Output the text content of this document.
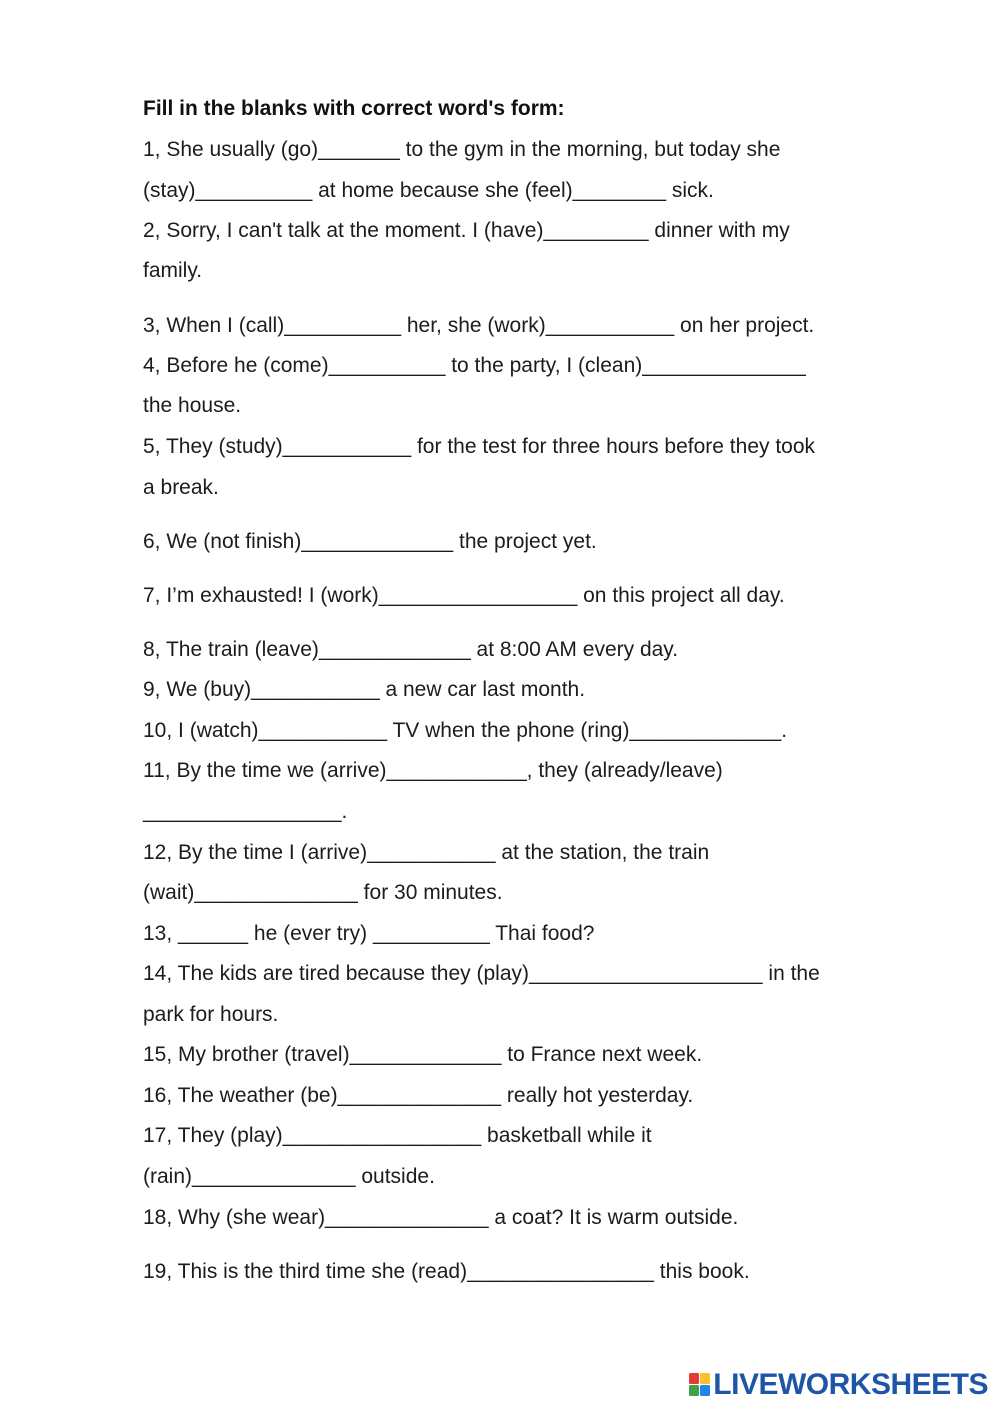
Fill in the blanks with correct word's form:
1, She usually (go)_______ to the gym in the morning, but today she
(stay)__________ at home because she (feel)________ sick.
2, Sorry, I can't talk at the moment. I (have)_________ dinner with my
family.
3, When I (call)__________ her, she (work)___________ on her project.
4, Before he (come)__________ to the party, I (clean)______________
the house.
5, They (study)___________ for the test for three hours before they took
a break.
6, We (not finish)_____________ the project yet.
7, I’m exhausted! I (work)_________________ on this project all day.
8, The train (leave)_____________ at 8:00 AM every day.
9, We (buy)___________ a new car last month.
10, I (watch)___________ TV when the phone (ring)_____________.
11, By the time we (arrive)____________, they (already/leave)
_________________.
12, By the time I (arrive)___________ at the station, the train
(wait)______________ for 30 minutes.
13, ______ he (ever try) __________ Thai food?
14, The kids are tired because they (play)____________________ in the
park for hours.
15, My brother (travel)_____________ to France next week.
16, The weather (be)______________ really hot yesterday.
17, They (play)_________________ basketball while it
(rain)______________ outside.
18, Why (she wear)______________ a coat? It is warm outside.
19, This is the third time she (read)________________ this book.
LIVEWORKSHEETS
